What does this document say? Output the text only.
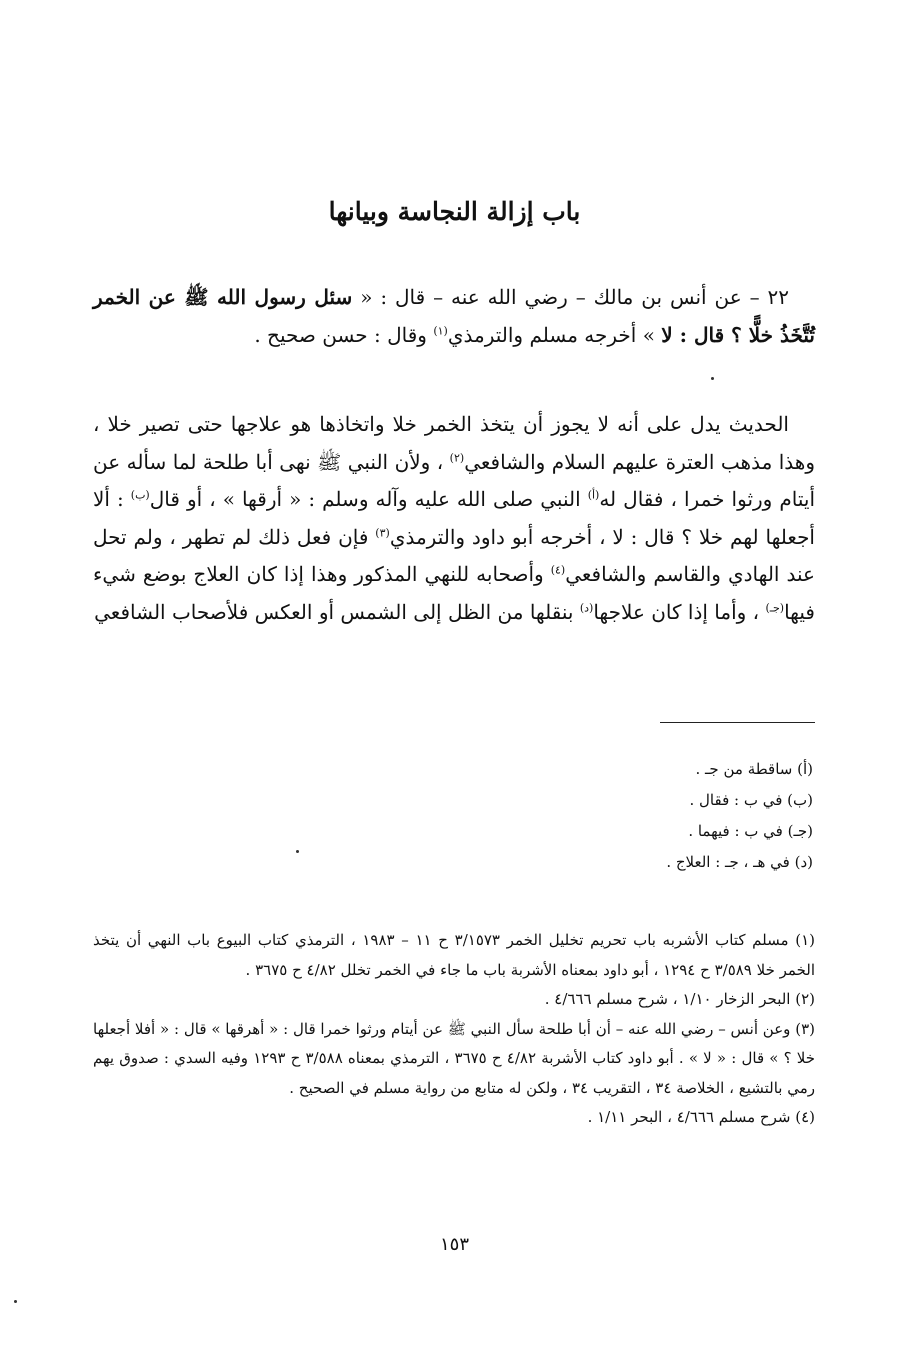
باب إزالة النجاسة وبيانها

٢٢ – عن أنس بن مالك – رضي الله عنه – قال : « سئل رسول الله ﷺ عن الخمر تُتَّخَذُ خلًّا ؟ قال : لا » أخرجه مسلم والترمذي$^{(١)}$ وقال : حسن صحيح .

الحديث يدل على أنه لا يجوز أن يتخذ الخمر خلا واتخاذها هو علاجها حتى تصير خلا ، وهذا مذهب العترة عليهم السلام والشافعي$^{(٢)}$ ، ولأن النبي ﷺ نهى أبا طلحة لما سأله عن أيتام ورثوا خمرا ، فقال له$^{(أ)}$ النبي صلى الله عليه وآله وسلم : « أرقها » ، أو قال$^{(ب)}$ : ألا أجعلها لهم خلا ؟ قال : لا ، أخرجه أبو داود والترمذي$^{(٣)}$ فإن فعل ذلك لم تطهر ، ولم تحل عند الهادي والقاسم والشافعي$^{(٤)}$ وأصحابه للنهي المذكور وهذا إذا كان العلاج بوضع شيء فيها$^{(جـ)}$ ، وأما إذا كان علاجها$^{(د)}$ بنقلها من الظل إلى الشمس أو العكس فلأصحاب الشافعي

(أ) ساقطة من جـ .
(ب) في ب : فقال .
(جـ) في ب : فيهما .
(د) في هـ ، جـ : العلاج .

(١) مسلم كتاب الأشربه باب تحريم تخليل الخمر ٣/١٥٧٣ ح ١١ – ١٩٨٣ ، الترمذي كتاب البيوع باب النهي أن يتخذ الخمر خلا ٣/٥٨٩ ح ١٢٩٤ ، أبو داود بمعناه الأشربة باب ما جاء في الخمر تخلل ٤/٨٢ ح ٣٦٧٥ .

(٢) البحر الزخار ١/١٠ ، شرح مسلم ٤/٦٦٦ .

(٣) وعن أنس – رضي الله عنه – أن أبا طلحة سأل النبي ﷺ عن أيتام ورثوا خمرا قال : « أهرقها » قال : « أفلا أجعلها خلا ؟ » قال : « لا » . أبو داود كتاب الأشربة ٤/٨٢ ح ٣٦٧٥ ، الترمذي بمعناه ٣/٥٨٨ ح ١٢٩٣ وفيه السدي : صدوق يهم رمي بالتشيع ، الخلاصة ٣٤ ، التقريب ٣٤ ، ولكن له متابع من رواية مسلم في الصحيح .

(٤) شرح مسلم ٤/٦٦٦ ، البحر ١/١١ .

١٥٣
